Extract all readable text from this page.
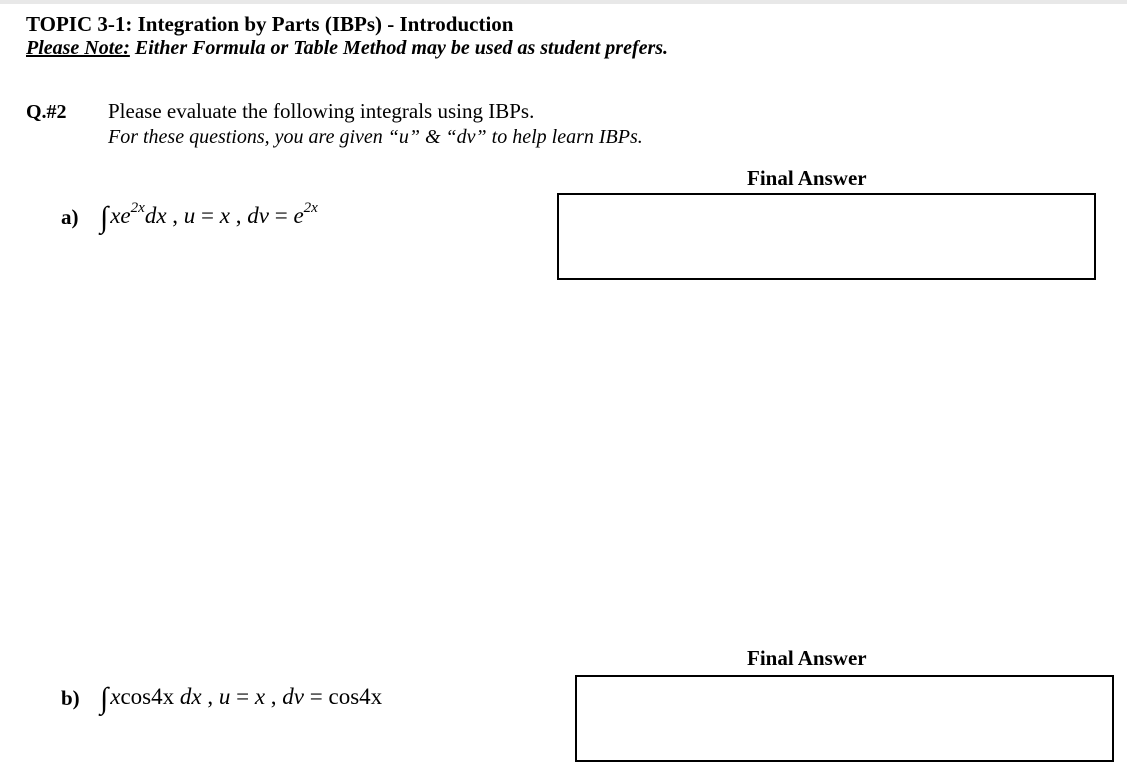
TOPIC 3-1: Integration by Parts (IBPs) - Introduction
Please Note: Either Formula or Table Method may be used as student prefers.
Q.#2 Please evaluate the following integrals using IBPs.
For these questions, you are given “u” & “dv” to help learn IBPs.
Final Answer
a) $\int xe^{2x}dx$ , u = x , dv = $e^{2x}$
Final Answer
b) ∫xcos4x dx , u = x , dv = cos4x
